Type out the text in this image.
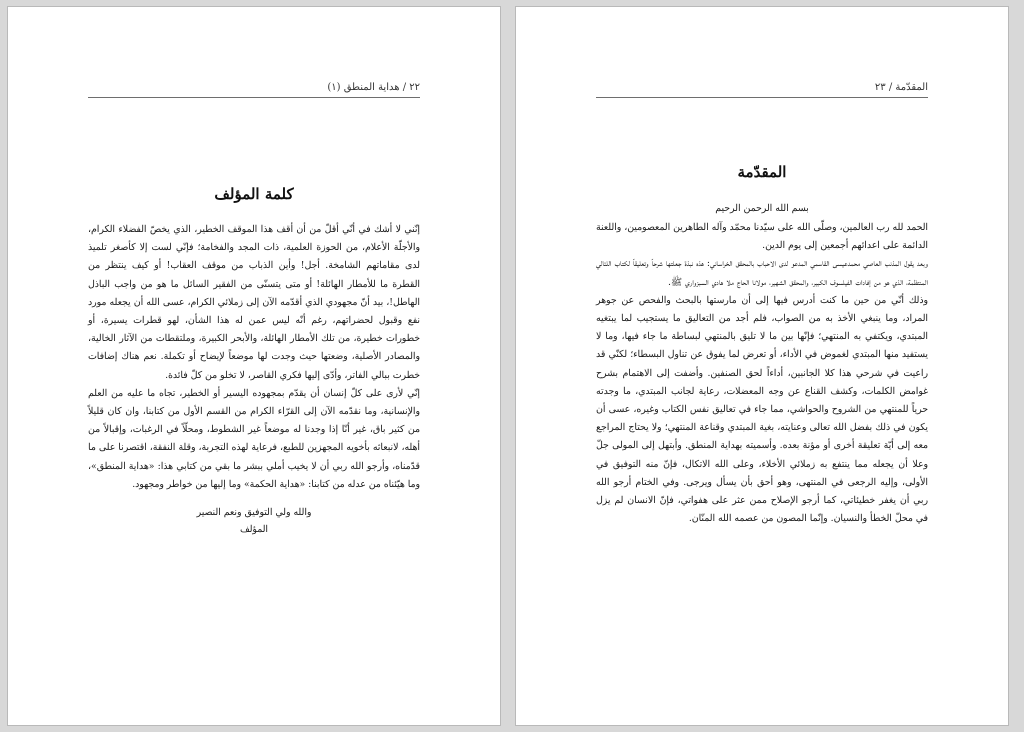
٢٢ / هداية المنطق (١)
كلمة المؤلف

إنّني لا أشك في أنّي أقلّ من أن أقف هذا الموقف الخطير، الذي يخصّ الفضلاء الكرام، والأجلّة الأعلام، من الحوزة العلمية، ذات المجد والفخامة؛ فإنّي لست إلا كأصغر تلميذ لدى مقاماتهم الشامخة. أجل! وأين الذباب من موقف العقاب! أو كيف ينتظر من القطرة ما للأمطار الهائلة! أو متى يتسنّى من الفقير السائل ما هو من واجب الباذل الهاطل!، بيد أنّ مجهودي الذي أقدّمه الآن إلى زملائي الكرام، عسى الله أن يجعله مورد نفع وقبول لحضراتهم، رغم أنّه ليس عمن له هذا الشأن، لهو قطرات يسيرة، أو خطورات خطيرة، من تلك الأمطار الهائلة، والأبحر الكبيرة، وملتقطات من الآثار الخالية، والمصادر الأصلية، وضعتها حيث وجدت لها موضعاً لإيضاح أو تكملة. نعم هناك إضافات خطرت ببالي الفاتر، وأدّى إليها فكري القاصر، لا تخلو من كلّ فائدة.

إنّي لأرى على كلّ إنسان أن يقدّم بمجهوده اليسير أو الخطير، تجاه ما عليه من العلم والإنسانية، وما نقدّمه الآن إلى القرّاء الكرام من القسم الأول من كتابنا، وان كان قليلاً من كثير باق، غير أنّا إذا وجدنا له موضعاً غير الشطوط، ومحلّاً في الرغبات، وإقبالاً من أهله، لانبعاثه بأخويه المجهزين للطبع، فرعاية لهذه التجربة، وقلة النفقة، اقتصرنا على ما قدّمناه، وأرجو الله ربي أن لا يخيب أملي ببشر ما بقي من كتابي هذا: «هداية المنطق»، وما هيّئناه من عدله من كتابنا: «هداية الحكمة» وما إليها من خواطر ومجهود.

والله ولي التوفيق ونعم النصير
المؤلف
المقدّمة / ٢٣
المقدّمة
بسم الله الرحمن الرحيم

الحمد لله رب العالمين، وصلّى الله على سيّدنا محمّد وآله الطاهرين المعصومين، واللعنة الدائمة على اعدائهم أجمعين إلى يوم الدين.

وبعد يقول المذنب العاصي محمدعيسى القاسمي المدعو لدى الاحباب بالمحقق الخراساني: هذه نبذة جعلتها شرحاً وتعليقاً لكتاب اللئالي المنتظمة، الذي هو من إفادات الفيلسوف الكبير، والمحقق الشهير، مولانا الحاج ملا هادي السبزواري ﷺ.

وذلك أنّي من حين ما كنت أدرس فيها إلى أن مارستها بالبحث والفحص عن جوهر المراد، وما ينبغي الأخذ به من الصواب، فلم أجد من التعاليق ما يستجيب لما يبتغيه المبتدي، ويكتفي به المنتهي؛ فإنّها بين ما لا تليق بالمنتهي لبساطة ما جاء فيها، وما لا يستفيد منها المبتدي لغموض في الأداء، أو تعرض لما يفوق عن تناول البسطاء؛ لكنّي قد راعيت في شرحي هذا كلا الجانبين، أداءاً لحق الصنفين. وأضفت إلى الاهتمام بشرح غوامض الكلمات، وكشف القناع عن وجه المعضلات، رعاية لجانب المبتدي، ما وجدته حرياً للمنتهي من الشروح والحواشي، مما جاء في تعاليق نفس الكتاب وغيره، عسى أن يكون في ذلك بفضل الله تعالى وعنايته، بغية المبتدي وقناعة المنتهي؛ ولا يحتاج المراجع معه إلى أيّة تعليقة أخرى أو مؤنة بعده. وأسميته بهداية المنطق. وأبتهل إلى المولى جلّ وعلا أن يجعله مما ينتفع به زملائي الأخلاء، وعلى الله الاتكال، فإنّ منه التوفيق في الأولى، وإليه الرجعى في المنتهى، وهو أحق بأن يسأل ويرجى. وفي الختام أرجو الله ربي أن يغفر خطيئاتي، كما أرجو الإصلاح ممن عثر على هفواتي، فإنّ الانسان لم يزل في محلّ الخطأ والنسيان. وإنّما المصون من عصمه الله المنّان.
